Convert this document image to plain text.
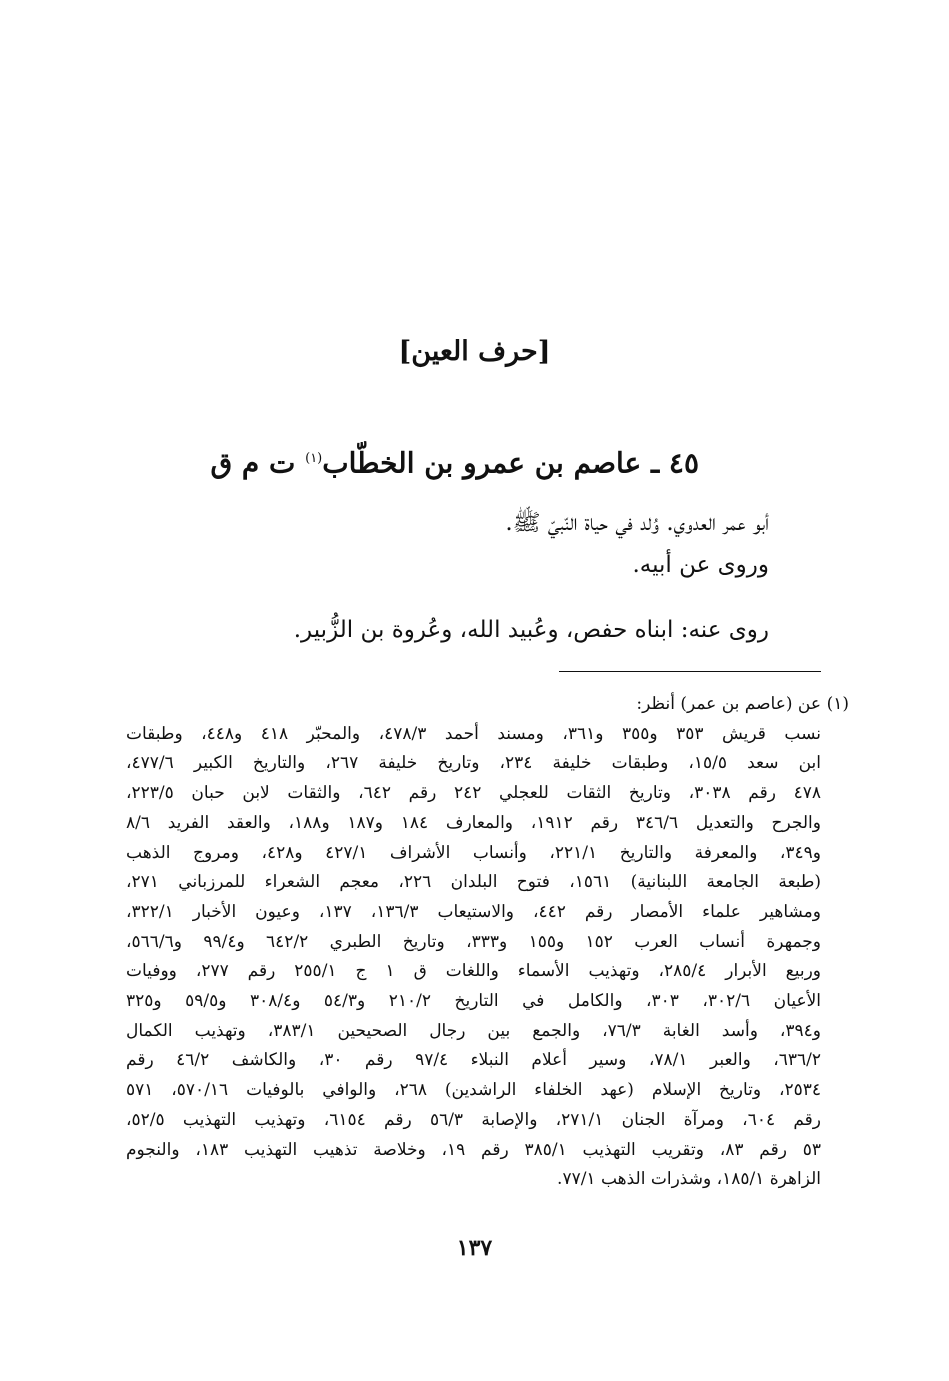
[حرف العين]
٤٥ ـ عاصم بن عمرو بن الخطّاب$^{(١)}$ ت م ق
أبو عمر العدوي. وُلد في حياة النّبيّ ﷺ.
وروى عن أبيه.
روى عنه: ابناه حفص، وعُبيد الله، وعُروة بن الزُّبير.
(١)
عن (عاصم بن عمر) أنظر:
نسب قريش ٣٥٣ و٣٥٥ و٣٦١، ومسند أحمد ٤٧٨/٣، والمحبّر ٤١٨ و٤٤٨، وطبقات
ابن سعد ١٥/٥، وطبقات خليفة ٢٣٤، وتاريخ خليفة ٢٦٧، والتاريخ الكبير ٤٧٧/٦،
٤٧٨ رقم ٣٠٣٨، وتاريخ الثقات للعجلي ٢٤٢ رقم ٦٤٢، والثقات لابن حبان ٢٢٣/٥،
والجرح والتعديل ٣٤٦/٦ رقم ١٩١٢، والمعارف ١٨٤ و١٨٧ و١٨٨، والعقد الفريد ٨/٦
و٣٤٩، والمعرفة والتاريخ ٢٢١/١، وأنساب الأشراف ٤٢٧/١ و٤٢٨، ومروج الذهب
(طبعة الجامعة اللبنانية) ١٥٦١، فتوح البلدان ٢٢٦، معجم الشعراء للمرزباني ٢٧١،
ومشاهير علماء الأمصار رقم ٤٤٢، والاستيعاب ١٣٦/٣، ١٣٧، وعيون الأخبار ٣٢٢/١،
وجمهرة أنساب العرب ١٥٢ و١٥٥ و٣٣٣، وتاريخ الطبري ٦٤٢/٢ و٩٩/٤ و٥٦٦/٦،
وربيع الأبرار ٢٨٥/٤، وتهذيب الأسماء واللغات ق ١ ج ٢٥٥/١ رقم ٢٧٧، ووفيات
الأعيان ٣٠٢/٦، ٣٠٣، والكامل في التاريخ ٢١٠/٢ و٥٤/٣ و٣٠٨/٤ و٥٩/٥ و٣٢٥
و٣٩٤، وأسد الغابة ٧٦/٣، والجمع بين رجال الصحيحين ٣٨٣/١، وتهذيب الكمال
٦٣٦/٢، والعبر ٧٨/١، وسير أعلام النبلاء ٩٧/٤ رقم ٣٠، والكاشف ٤٦/٢ رقم
٢٥٣٤، وتاريخ الإسلام (عهد الخلفاء الراشدين) ٢٦٨، والوافي بالوفيات ٥٧٠/١٦، ٥٧١
رقم ٦٠٤، ومرآة الجنان ٢٧١/١، والإصابة ٥٦/٣ رقم ٦١٥٤، وتهذيب التهذيب ٥٢/٥،
٥٣ رقم ٨٣، وتقريب التهذيب ٣٨٥/١ رقم ١٩، وخلاصة تذهيب التهذيب ١٨٣، والنجوم
الزاهرة ١٨٥/١، وشذرات الذهب ٧٧/١.
١٣٧
